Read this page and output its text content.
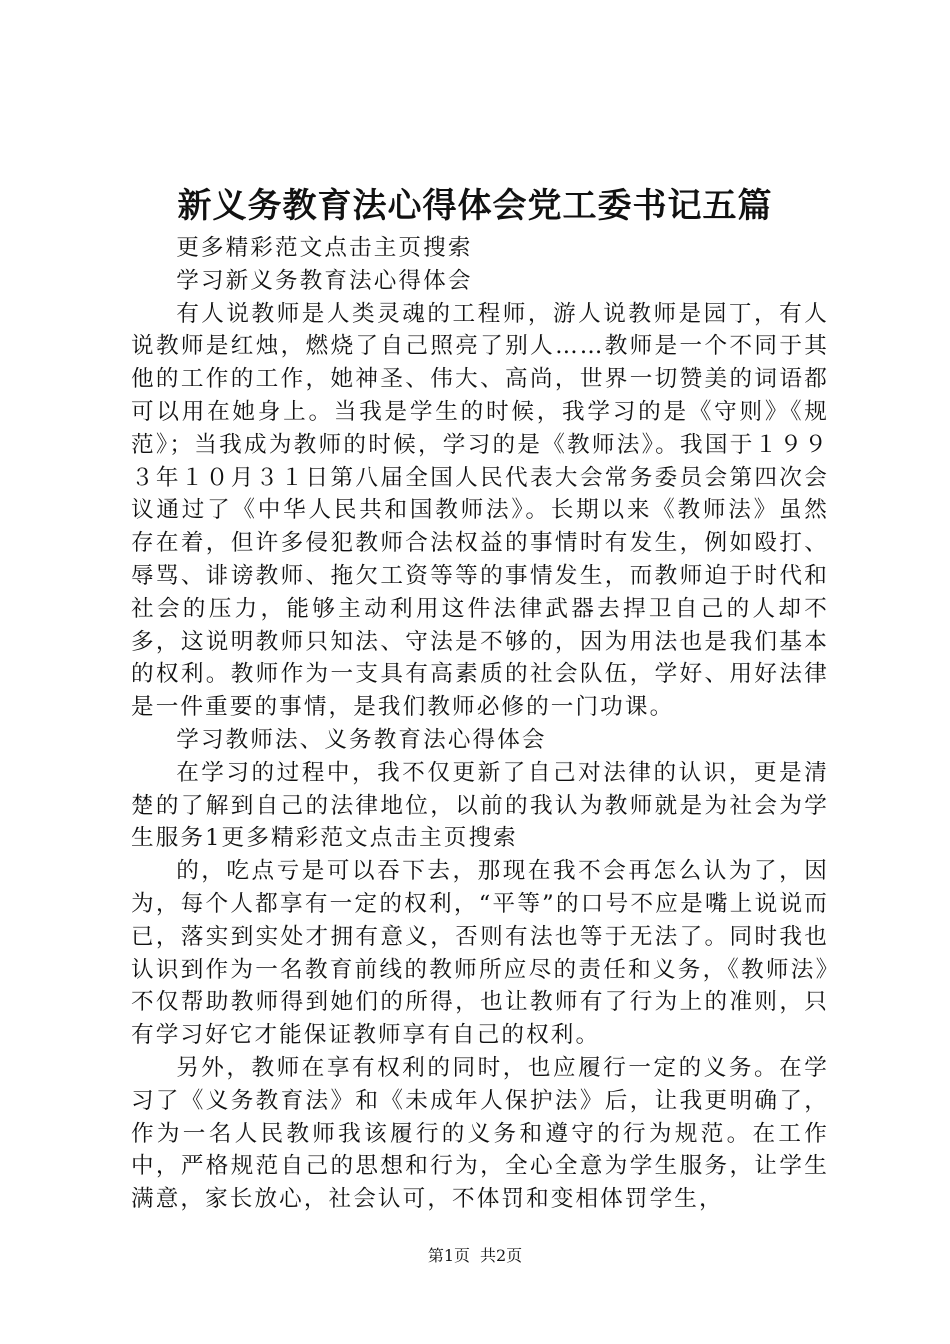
新义务教育法心得体会党工委书记五篇

更多精彩范文点击主页搜索

学习新义务教育法心得体会

有人说教师是人类灵魂的工程师，游人说教师是园丁，有人说教师是红烛，燃烧了自己照亮了别人……教师是一个不同于其他的工作的工作，她神圣、伟大、高尚，世界一切赞美的词语都可以用在她身上。当我是学生的时候，我学习的是《守则》《规范》；当我成为教师的时候，学习的是《教师法》。我国于１９９３年１０月３１日第八届全国人民代表大会常务委员会第四次会议通过了《中华人民共和国教师法》。长期以来《教师法》虽然存在着，但许多侵犯教师合法权益的事情时有发生，例如殴打、辱骂、诽谤教师、拖欠工资等等的事情发生，而教师迫于时代和社会的压力，能够主动利用这件法律武器去捍卫自己的人却不多，这说明教师只知法、守法是不够的，因为用法也是我们基本的权利。教师作为一支具有高素质的社会队伍，学好、用好法律是一件重要的事情，是我们教师必修的一门功课。

学习教师法、义务教育法心得体会

在学习的过程中，我不仅更新了自己对法律的认识，更是清楚的了解到自己的法律地位，以前的我认为教师就是为社会为学生服务1更多精彩范文点击主页搜索

的，吃点亏是可以吞下去，那现在我不会再怎么认为了，因为，每个人都享有一定的权利，“平等”的口号不应是嘴上说说而已，落实到实处才拥有意义，否则有法也等于无法了。同时我也认识到作为一名教育前线的教师所应尽的责任和义务，《教师法》不仅帮助教师得到她们的所得，也让教师有了行为上的准则，只有学习好它才能保证教师享有自己的权利。

另外，教师在享有权利的同时，也应履行一定的义务。在学习了《义务教育法》和《未成年人保护法》后，让我更明确了，作为一名人民教师我该履行的义务和遵守的行为规范。在工作中，严格规范自己的思想和行为，全心全意为学生服务，让学生满意，家长放心，社会认可，不体罚和变相体罚学生，

第1页 共2页
